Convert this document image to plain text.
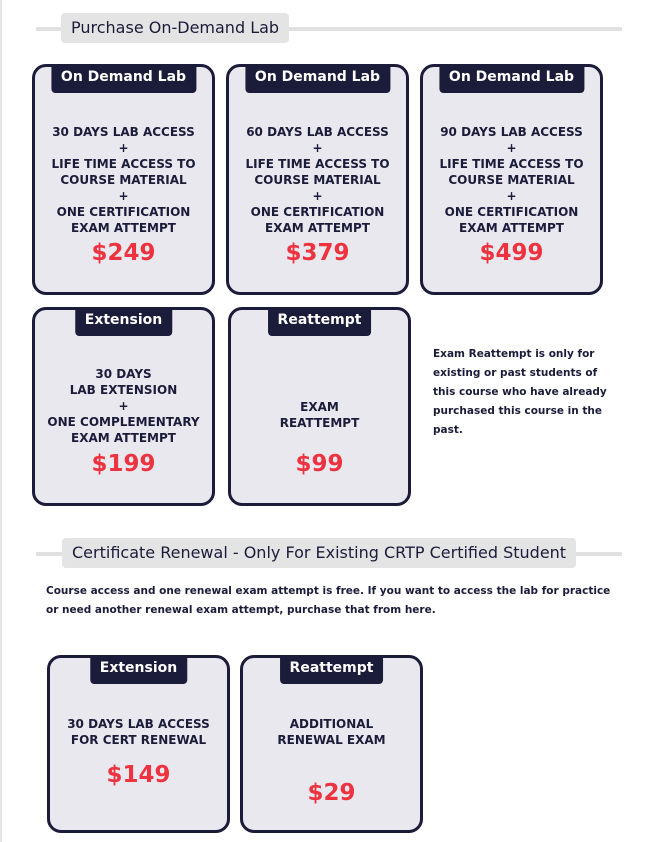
Purchase On-Demand Lab
On Demand Lab
30 DAYS LAB ACCESS
+
LIFE TIME ACCESS TO
COURSE MATERIAL
+
ONE CERTIFICATION
EXAM ATTEMPT
$249
On Demand Lab
60 DAYS LAB ACCESS
+
LIFE TIME ACCESS TO
COURSE MATERIAL
+
ONE CERTIFICATION
EXAM ATTEMPT
$379
On Demand Lab
90 DAYS LAB ACCESS
+
LIFE TIME ACCESS TO
COURSE MATERIAL
+
ONE CERTIFICATION
EXAM ATTEMPT
$499
Extension
30 DAYS
LAB EXTENSION
+
ONE COMPLEMENTARY
EXAM ATTEMPT
$199
Reattempt
EXAM
REATTEMPT
$99
Exam Reattempt is only for existing or past students of this course who have already purchased this course in the past.
Certificate Renewal - Only For Existing CRTP Certified Student
Course access and one renewal exam attempt is free. If you want to access the lab for practice or need another renewal exam attempt, purchase that from here.
Extension
30 DAYS LAB ACCESS
FOR CERT RENEWAL
$149
Reattempt
ADDITIONAL
RENEWAL EXAM
$29
